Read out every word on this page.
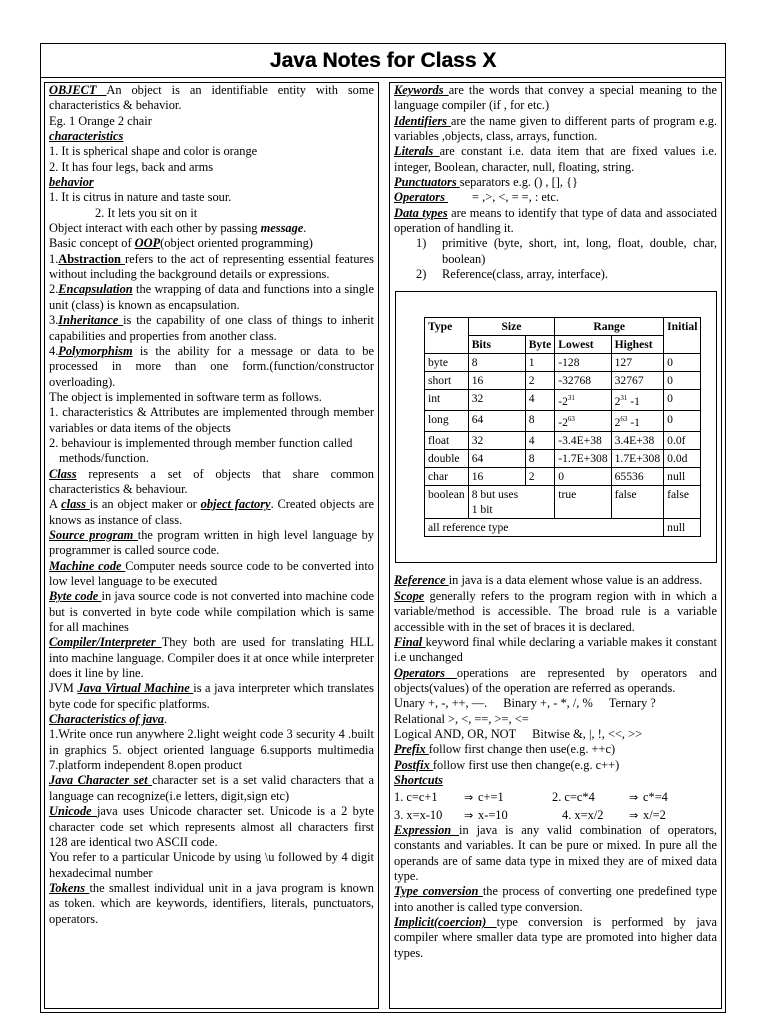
Java Notes for Class X

OBJECT An object is an identifiable entity with some characteristics & behavior.

Eg. 1 Orange 2 chair

characteristics

1. It is spherical shape and color is orange

2. It has four legs, back and arms

behavior

1. It is citrus in nature and taste sour.

2. It lets you sit on it

Object interact with each other by passing message.

Basic concept of OOP(object oriented programming)

1.Abstraction refers to the act of representing essential features without including the background details or expressions.

2.Encapsulation the wrapping of data and functions into a single unit (class) is known as encapsulation.

3.Inheritance is the capability of one class of things to inherit capabilities and properties from another class.

4.Polymorphism is the ability for a message or data to be processed in more than one form.(function/constructor overloading).

The object is implemented in software term as follows.

1. characteristics & Attributes are implemented through member variables or data items of the objects

2. behaviour is implemented through member function called

methods/function.

Class represents a set of objects that share common characteristics & behaviour.

A class is an object maker or object factory. Created objects are knows as instance of class.

Source program the program written in high level language by programmer is called source code.

Machine code Computer needs source code to be converted into low level language to be executed

Byte code in java source code is not converted into machine code but is converted in byte code while compilation which is same for all machines

Compiler/Interpreter They both are used for translating HLL into machine language. Compiler does it at once while interpreter does it line by line.

JVM Java Virtual Machine is a java interpreter which translates byte code for specific platforms.

Characteristics of java.

1.Write once run anywhere 2.light weight code 3 security 4 .built in graphics 5. object oriented language 6.supports multimedia 7.platform independent 8.open product

Java Character set character set is a set valid characters that a language can recognize(i.e letters, digit,sign etc)

Unicode java uses Unicode character set. Unicode is a 2 byte character code set which represents almost all characters first 128 are identical two ASCII code.

You refer to a particular Unicode by using \u followed by 4 digit hexadecimal number

Tokens the smallest individual unit in a java program is known as token. which are keywords, identifiers, literals, punctuators, operators.

Keywords are the words that convey a special meaning to the language compiler (if , for etc.)

Identifiers are the name given to different parts of program e.g. variables ,objects, class, arrays, function.

Literals are constant i.e. data item that are fixed values i.e. integer, Boolean, character, null, floating, string.

Punctuators separators e.g. () , [], {}

Operators = ,>, <, = =, : etc.

Data types are means to identify that type of data and associated operation of handling it.

1)	primitive (byte, short, int, long, float, double, char, boolean)
2)	Reference(class, array, interface).
Type	Size		Range		Initial
	Bits	Byte	Lowest	Highest	
byte	8	1	-128	127	0
short	16	2	-32768	32767	0
int	32	4	$-2^{31}$	$2^{31}$ -1	0
long	64	8	$-2^{63}$	$2^{63}$ -1	0
float	32	4	-3.4E+38	3.4E+38	0.0f
double	64	8	-1.7E+308	1.7E+308	0.0d
char	16	2	0	65536	null
boolean	8 but uses
1 bit		true	false	false
all reference type					null

Reference in java is a data element whose value is an address.

Scope generally refers to the program region with in which a variable/method is accessible. The broad rule is a variable accessible with in the set of braces it is declared.

Final keyword final while declaring a variable makes it constant i.e unchanged

Operators operations are represented by operators and objects(values) of the operation are referred as operands.

Unary +, -, ++, —. Binary +, - *, /, % Ternary ?

Relational >, <, ==, >=, <=

Logical AND, OR, NOT Bitwise &, |, !, <<, >>

Prefix follow first change then use(e.g. ++c)

Postfix follow first use then change(e.g. c++)

Shortcuts

1. c=c+1	⇒ c+=1	2. c=c*4	⇒ c*=4
3. x=x-10	⇒ x-=10	4. x=x/2	⇒ x/=2

Expression in java is any valid combination of operators, constants and variables. It can be pure or mixed. In pure all the operands are of same data type in mixed they are of mixed data type.

Type conversion the process of converting one predefined type into another is called type conversion.

Implicit(coercion) type conversion is performed by java compiler where smaller data type are promoted into higher data types.
